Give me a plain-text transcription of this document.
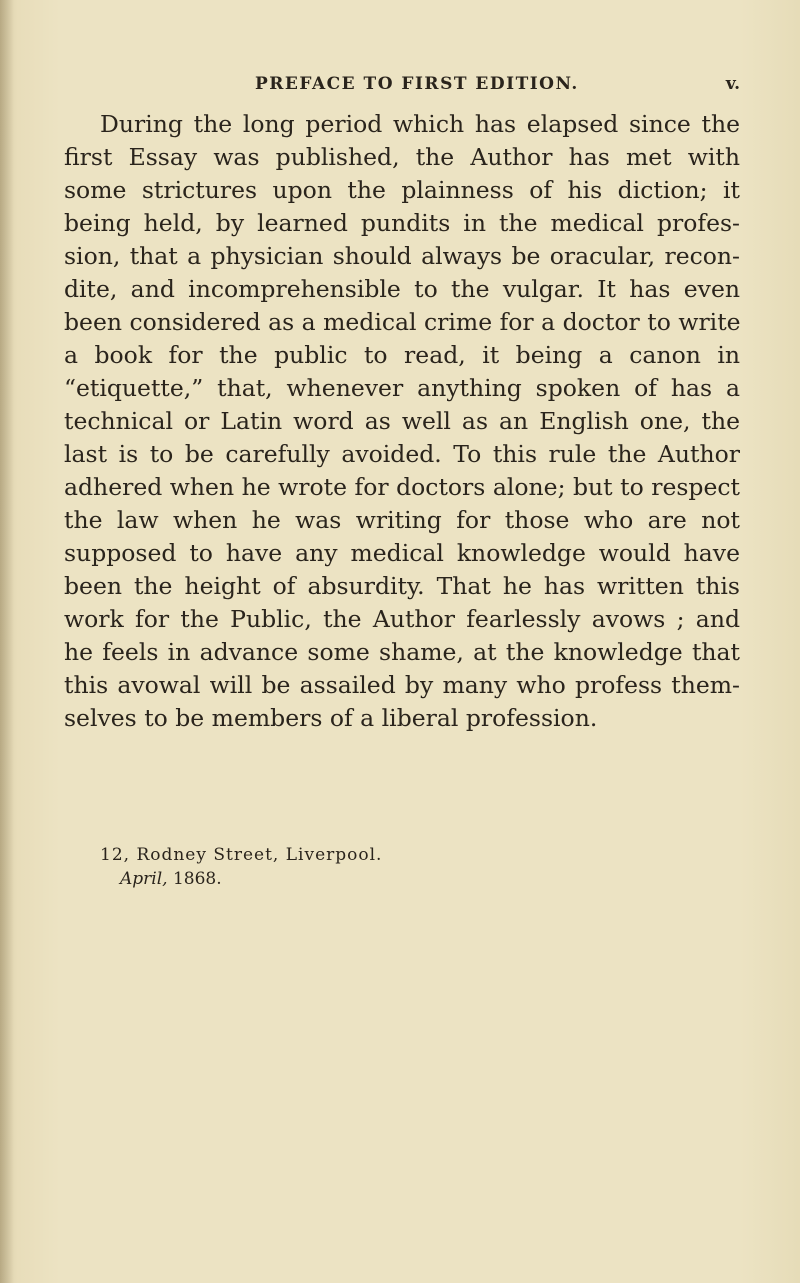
PREFACE TO FIRST EDITION.	v.
During the long period which has elapsed since the
first Essay was published, the Author has met with
some strictures upon the plainness of his diction; it
being held, by learned pundits in the medical profes-
sion, that a physician should always be oracular, recon-
dite, and incomprehensible to the vulgar. It has even
been considered as a medical crime for a doctor to write
a book for the public to read, it being a canon in
“etiquette,” that, whenever anything spoken of has a
technical or Latin word as well as an English one, the
last is to be carefully avoided. To this rule the Author
adhered when he wrote for doctors alone; but to respect
the law when he was writing for those who are not
supposed to have any medical knowledge would have
been the height of absurdity. That he has written this
work for the Public, the Author fearlessly avows ; and
he feels in advance some shame, at the knowledge that
this avowal will be assailed by many who profess them-
selves to be members of a liberal profession.
12, Rodney Street, Liverpool.
April, 1868.
